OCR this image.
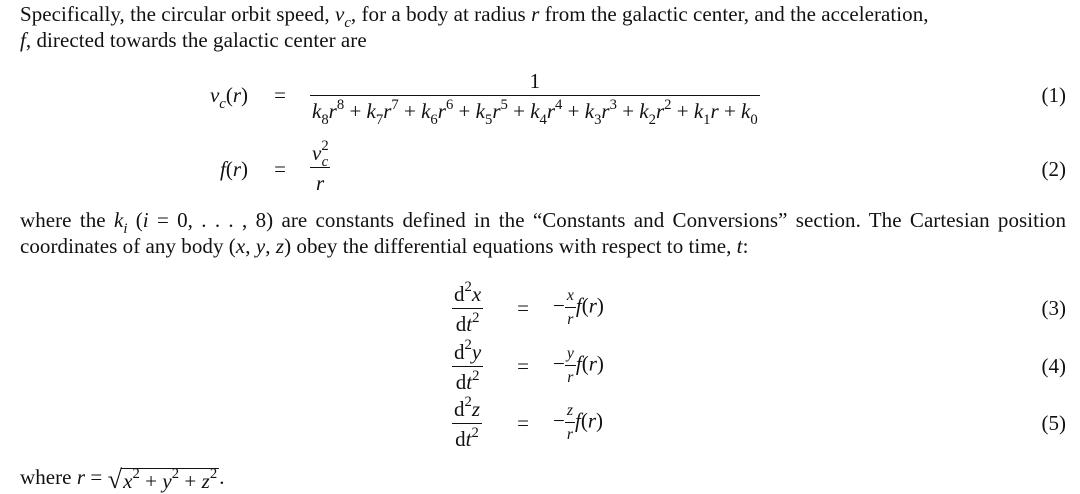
Specifically, the circular orbit speed, $v_c$, for a body at radius r from the galactic center, and the acceleration,
f, directed towards the galactic center are
$v_c(r) = \frac{1}{k_8r^8 + k_7r^7 + k_6r^6 + k_5r^5 + k_4r^4 + k_3r^3 + k_2r^2 + k_1r + k_0}$	(1)
$f(r) = \frac{v^2_c}{r}$	(2)
where the $k_i$ (i = 0, . . . , 8) are constants defined in the “Constants and Conversions” section. The Cartesian position coordinates of any body (x, y, z) obey the differential equations with respect to time, t:
$\frac{d^2x}{dt^2}$ = − $\frac{x}{r} f(r)$	(3)
$\frac{d^2y}{dt^2}$ = − $\frac{y}{r} f(r)$	(4)
$\frac{d^2z}{dt^2}$ = − $\frac{z}{r} f(r)$	(5)
where r = √ $x^2 + y^2 + z^2$ .
